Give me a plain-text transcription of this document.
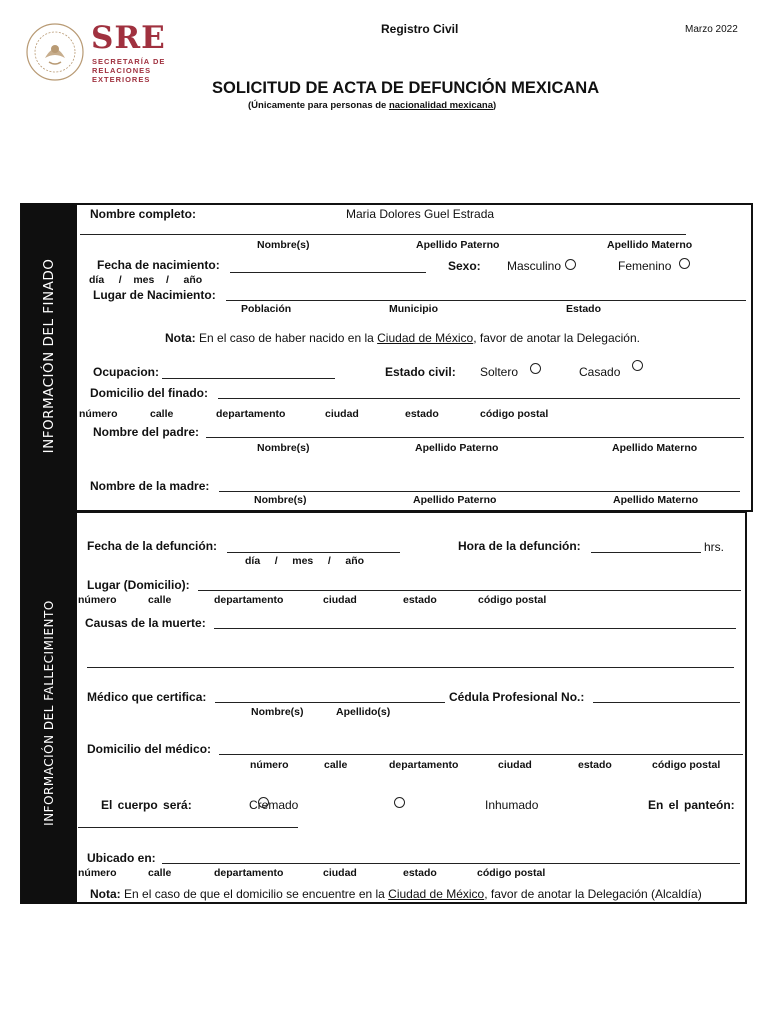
SRE
SECRETARÍA DE
RELACIONES
EXTERIORES
Registro Civil	Marzo 2022
SOLICITUD DE ACTA DE DEFUNCIÓN MEXICANA
(Únicamente para personas de nacionalidad mexicana)
INFORMACIÓN DEL FINADO
Nombre completo:	Maria Dolores Guel Estrada
Nombre(s)	Apellido Paterno	Apellido Materno
Fecha de nacimiento:
día     /    mes    /     año
Sexo: Masculino	Femenino
Lugar de Nacimiento:
Población	Municipio	Estado
Nota: En el caso de haber nacido en la Ciudad de México, favor de anotar la Delegación.
Ocupacion:	Estado civil: Soltero	Casado
Domicilio del finado:
número	calle	departamento	ciudad	estado	código postal
Nombre del padre:
Nombre(s)	Apellido Paterno	Apellido Materno
Nombre de la madre:
Nombre(s)	Apellido Paterno	Apellido Materno
INFORMACIÓN DEL FALLECIMIENTO
Fecha de la defunción:
día     /     mes     /     año
Hora de la defunción:	hrs.
Lugar (Domicilio):
número	calle	departamento	ciudad	estado	código postal
Causas de la muerte:
Médico que certifica:
Nombre(s)	Apellido(s)
Cédula Profesional No.:
Domicilio del médico:
número	calle	departamento	ciudad	estado	código postal
El cuerpo será:	Cremado	Inhumado	En el panteón:
Ubicado en:
número	calle	departamento	ciudad	estado	código postal
Nota: En el caso de que el domicilio se encuentre en la Ciudad de México, favor de anotar la Delegación (Alcaldía)
